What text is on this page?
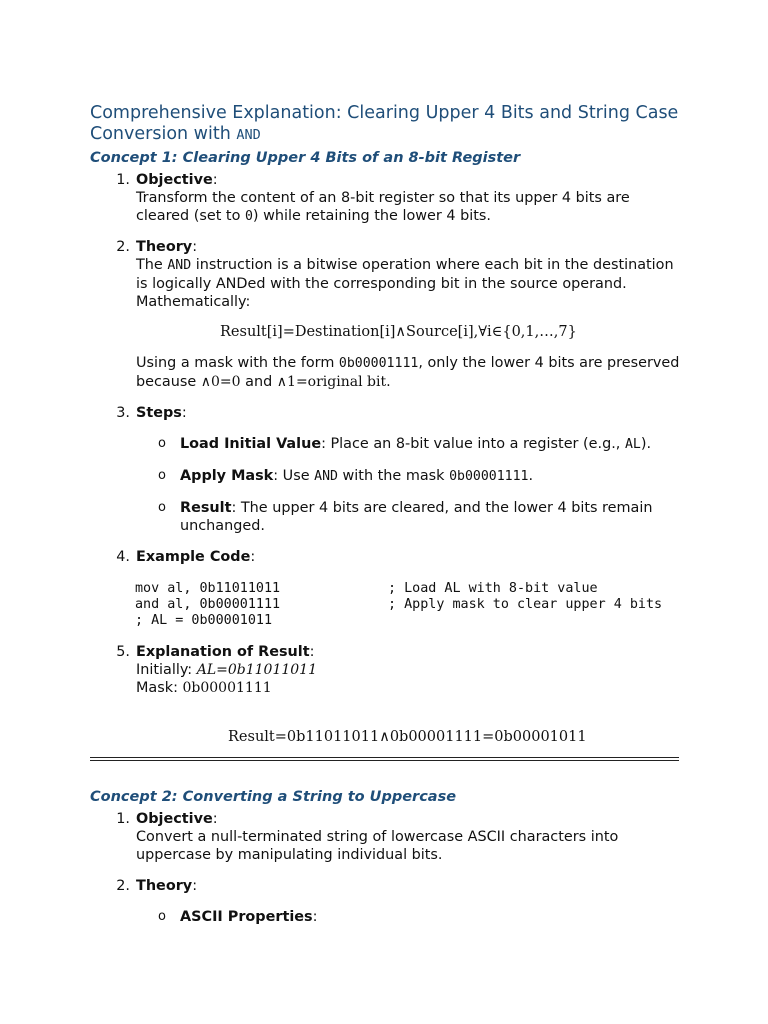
Comprehensive Explanation: Clearing Upper 4 Bits and String Case Conversion with AND
Concept 1: Clearing Upper 4 Bits of an 8-bit Register
1. Objective:
Transform the content of an 8-bit register so that its upper 4 bits are cleared (set to 0) while retaining the lower 4 bits.
2. Theory:
The AND instruction is a bitwise operation where each bit in the destination is logically ANDed with the corresponding bit in the source operand. Mathematically:
Result[i]=Destination[i]∧Source[i],∀i∈{0,1,…,7}
Using a mask with the form 0b00001111, only the lower 4 bits are preserved because ∧0=0 and ∧1=original bit.
3. Steps:
o Load Initial Value: Place an 8-bit value into a register (e.g., AL).
o Apply Mask: Use AND with the mask 0b00001111.
o Result: The upper 4 bits are cleared, and the lower 4 bits remain unchanged.
4. Example Code:
mov al, 0b11011011	; Load AL with 8-bit value
and al, 0b00001111	; Apply mask to clear upper 4 bits
; AL = 0b00001011
5. Explanation of Result:
Initially: AL=0b11011011
Mask: 0b00001111
Result=0b11011011∧0b00001111=0b00001011
Concept 2: Converting a String to Uppercase
1. Objective:
Convert a null-terminated string of lowercase ASCII characters into uppercase by manipulating individual bits.
2. Theory:
o ASCII Properties:
